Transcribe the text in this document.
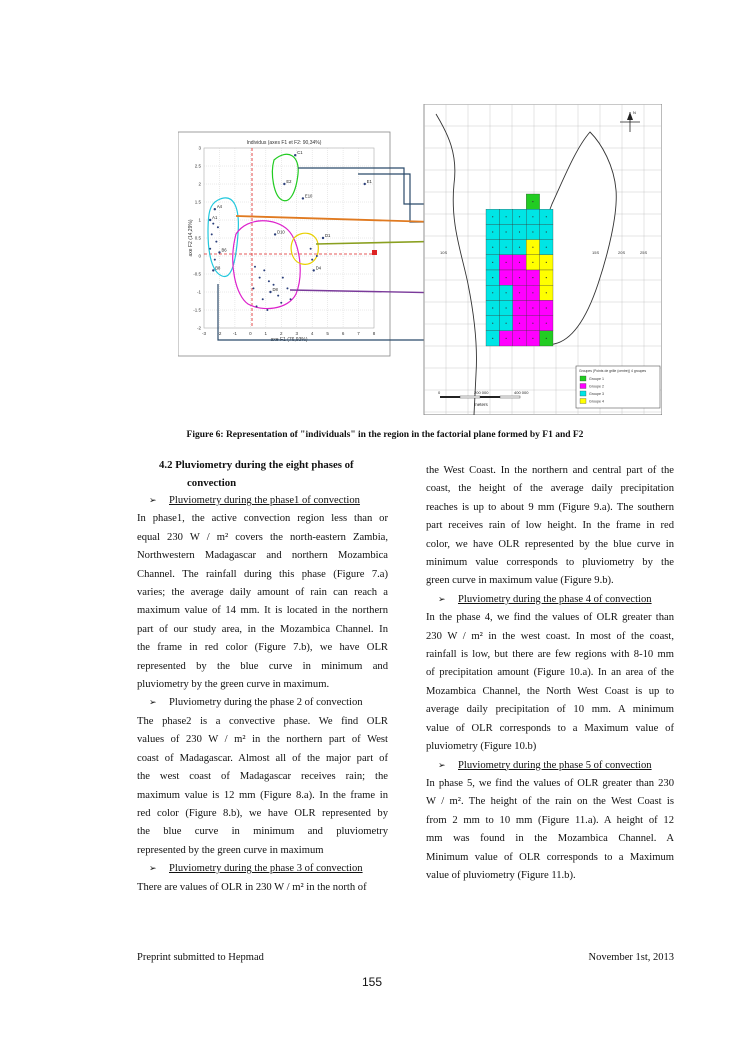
Individus (axes F1 et F2: 90,34%)
-3	-2	-1	0	1	2	3	4	5	6	7	8
3
2.5
2
1.5
1
0.5
0
-0.5
-1
-1.5
-2
axe F1 (76,93%)
axe F2 (14,29%)
C1
E2
E10
E1
A4
A1
D10
D1
B8
B6
D8
D4
10S	15S	20S	25S
N
Groupes (Points de grille (centre)) 4 groupes
Groupe 1
Groupe 2
Groupe 3
Groupe 4
0	200 000	400 000
meters
Figure 6: Representation of "individuals" in the region in the factorial plane formed by F1 and F2

4.2 Pluviometry during the eight phases of

convection

➢ Pluviometry during the phase1 of convection

In phase1, the active convection region less than or

equal 230 W / m² covers the north-eastern Zambia,

Northwestern Madagascar and northern Mozambica

Channel. The rainfall during this phase (Figure 7.a)

varies; the average daily amount of rain can reach a

maximum value of 14 mm. It is located in the northern

part of our study area, in the Mozambica Channel. In

the frame in red color (Figure 7.b), we have OLR

represented by the blue curve in minimum and

pluviometry by the green curve in maximum.

➢ Pluviometry during the phase 2 of convection

The phase2 is a convective phase. We find OLR

values of 230 W / m² in the northern part of West

coast of Madagascar. Almost all of the major part of

the west coast of Madagascar receives rain; the

maximum value is 12 mm (Figure 8.a). In the frame in

red color (Figure 8.b), we have OLR represented by

the blue curve in minimum and pluviometry

represented by the green curve in maximum

➢ Pluviometry during the phase 3 of convection

There are values of OLR in 230 W / m² in the north of

the West Coast. In the northern and central part of the

coast, the height of the average daily precipitation

reaches is up to about 9 mm (Figure 9.a). The southern

part receives rain of low height. In the frame in red

color, we have OLR represented by the blue curve in

minimum value corresponds to pluviometry by the

green curve in maximum value (Figure 9.b).

➢ Pluviometry during the phase 4 of convection

In the phase 4, we find the values of OLR greater than

230 W / m² in the west coast. In most of the coast,

rainfall is low, but there are few regions with 8-10 mm

of precipitation amount (Figure 10.a). In an area of the

Mozambica Channel, the North West Coast is up to

average daily precipitation of 10 mm. A minimum

value of OLR corresponds to a Maximum value of

pluviometry (Figure 10.b)

➢ Pluviometry during the phase 5 of convection

In phase 5, we find the values of OLR greater than 230

W / m². The height of the rain on the West Coast is

from 2 mm to 10 mm (Figure 11.a). A height of 12

mm was found in the Mozambica Channel. A

Minimum value of OLR corresponds to a Maximum

value of pluviometry (Figure 11.b).

Preprint submitted to Hepmad	November 1st, 2013
155
